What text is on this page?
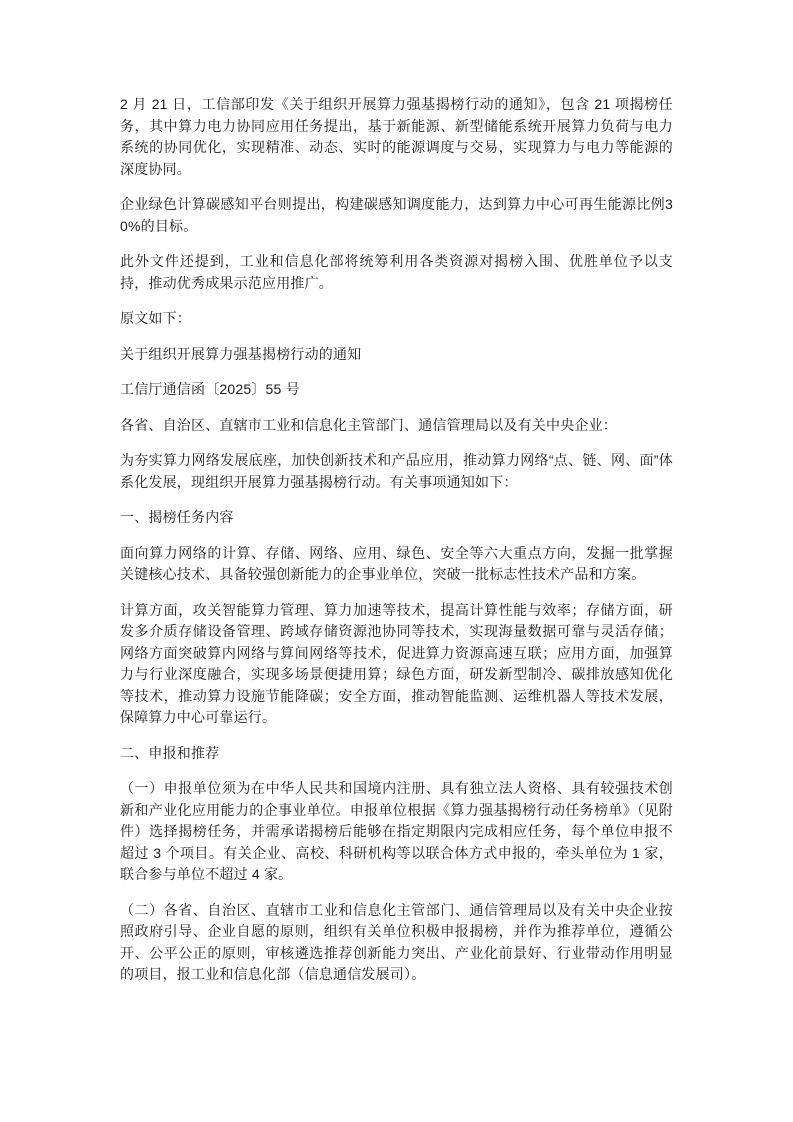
2 月 21 日，工信部印发《关于组织开展算力强基揭榜行动的通知》，包含 21 项揭榜任务，其中算力电力协同应用任务提出，基于新能源、新型储能系统开展算力负荷与电力系统的协同优化，实现精准、动态、实时的能源调度与交易，实现算力与电力等能源的深度协同。

企业绿色计算碳感知平台则提出，构建碳感知调度能力，达到算力中心可再生能源比例30%的目标。

此外文件还提到，工业和信息化部将统筹利用各类资源对揭榜入围、优胜单位予以支持，推动优秀成果示范应用推广。

原文如下：

关于组织开展算力强基揭榜行动的通知

工信厅通信函〔2025〕55 号

各省、自治区、直辖市工业和信息化主管部门、通信管理局以及有关中央企业：

为夯实算力网络发展底座，加快创新技术和产品应用，推动算力网络“点、链、网、面”体系化发展，现组织开展算力强基揭榜行动。有关事项通知如下：

一、揭榜任务内容

面向算力网络的计算、存储、网络、应用、绿色、安全等六大重点方向，发掘一批掌握关键核心技术、具备较强创新能力的企事业单位，突破一批标志性技术产品和方案。

计算方面，攻关智能算力管理、算力加速等技术，提高计算性能与效率；存储方面，研发多介质存储设备管理、跨域存储资源池协同等技术，实现海量数据可靠与灵活存储；网络方面突破算内网络与算间网络等技术，促进算力资源高速互联；应用方面，加强算力与行业深度融合，实现多场景便捷用算；绿色方面，研发新型制冷、碳排放感知优化等技术，推动算力设施节能降碳；安全方面，推动智能监测、运维机器人等技术发展，保障算力中心可靠运行。

二、申报和推荐

（一）申报单位须为在中华人民共和国境内注册、具有独立法人资格、具有较强技术创新和产业化应用能力的企事业单位。申报单位根据《算力强基揭榜行动任务榜单》（见附件）选择揭榜任务，并需承诺揭榜后能够在指定期限内完成相应任务，每个单位申报不超过 3 个项目。有关企业、高校、科研机构等以联合体方式申报的，牵头单位为 1 家，联合参与单位不超过 4 家。

（二）各省、自治区、直辖市工业和信息化主管部门、通信管理局以及有关中央企业按照政府引导、企业自愿的原则，组织有关单位积极申报揭榜，并作为推荐单位，遵循公开、公平公正的原则，审核遴选推荐创新能力突出、产业化前景好、行业带动作用明显的项目，报工业和信息化部（信息通信发展司）。
